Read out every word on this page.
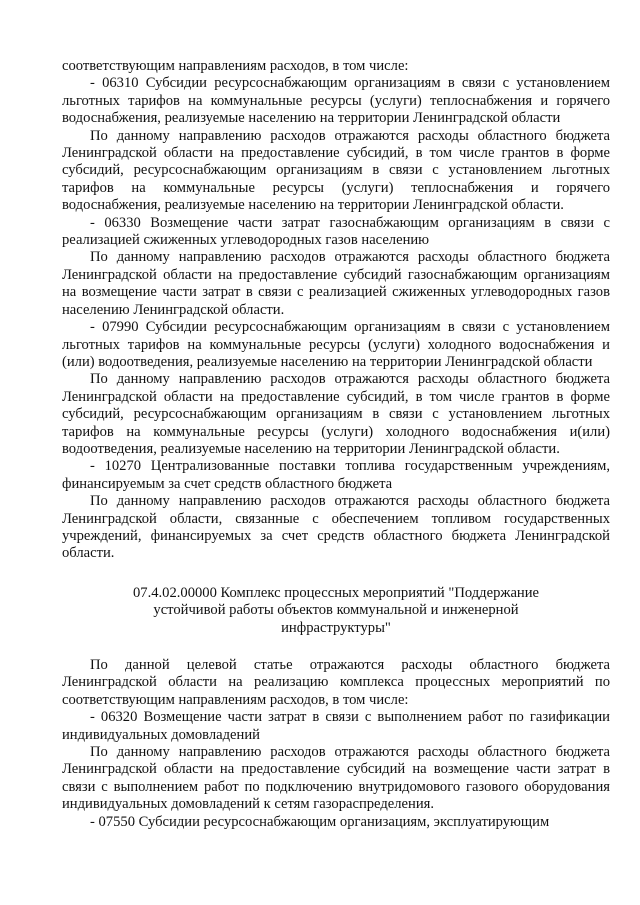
соответствующим направлениям расходов, в том числе:

- 06310 Субсидии ресурсоснабжающим организациям в связи с установлением льготных тарифов на коммунальные ресурсы (услуги) теплоснабжения и горячего водоснабжения, реализуемые населению на территории Ленинградской области

По данному направлению расходов отражаются расходы областного бюджета Ленинградской области на предоставление субсидий, в том числе грантов в форме субсидий, ресурсоснабжающим организациям в связи с установлением льготных тарифов на коммунальные ресурсы (услуги) теплоснабжения и горячего водоснабжения, реализуемые населению на территории Ленинградской области.

- 06330 Возмещение части затрат газоснабжающим организациям в связи с реализацией сжиженных углеводородных газов населению

По данному направлению расходов отражаются расходы областного бюджета Ленинградской области на предоставление субсидий газоснабжающим организациям на возмещение части затрат в связи с реализацией сжиженных углеводородных газов населению Ленинградской области.

- 07990 Субсидии ресурсоснабжающим организациям в связи с установлением льготных тарифов на коммунальные ресурсы (услуги) холодного водоснабжения и (или) водоотведения, реализуемые населению на территории Ленинградской области

По данному направлению расходов отражаются расходы областного бюджета Ленинградской области на предоставление субсидий, в том числе грантов в форме субсидий, ресурсоснабжающим организациям в связи с установлением льготных тарифов на коммунальные ресурсы (услуги) холодного водоснабжения и(или) водоотведения, реализуемые населению на территории Ленинградской области.

- 10270 Централизованные поставки топлива государственным учреждениям, финансируемым за счет средств областного бюджета

По данному направлению расходов отражаются расходы областного бюджета Ленинградской области, связанные с обеспечением топливом государственных учреждений, финансируемых за счет средств областного бюджета Ленинградской области.

07.4.02.00000 Комплекс процессных мероприятий "Поддержание устойчивой работы объектов коммунальной и инженерной инфраструктуры"

По данной целевой статье отражаются расходы областного бюджета Ленинградской области на реализацию комплекса процессных мероприятий по соответствующим направлениям расходов, в том числе:

- 06320 Возмещение части затрат в связи с выполнением работ по газификации индивидуальных домовладений

По данному направлению расходов отражаются расходы областного бюджета Ленинградской области на предоставление субсидий на возмещение части затрат в связи с выполнением работ по подключению внутридомового газового оборудования индивидуальных домовладений к сетям газораспределения.

- 07550 Субсидии ресурсоснабжающим организациям, эксплуатирующим
